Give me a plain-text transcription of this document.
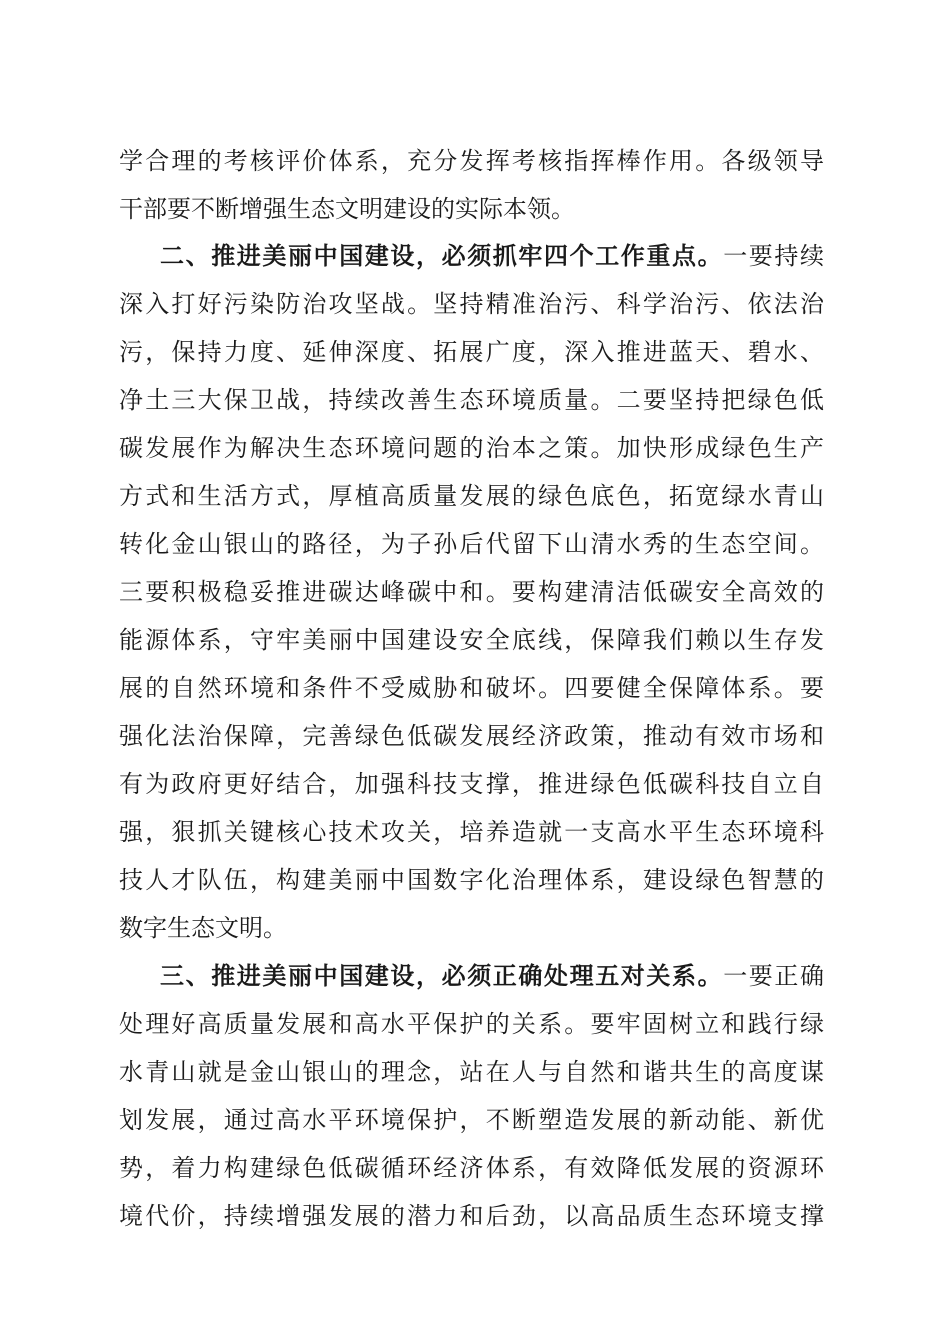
学合理的考核评价体系，充分发挥考核指挥棒作用。各级领导
干部要不断增强生态文明建设的实际本领。
二、推进美丽中国建设，必须抓牢四个工作重点。一要持续
深入打好污染防治攻坚战。坚持精准治污、科学治污、依法治
污，保持力度、延伸深度、拓展广度，深入推进蓝天、碧水、
净土三大保卫战，持续改善生态环境质量。二要坚持把绿色低
碳发展作为解决生态环境问题的治本之策。加快形成绿色生产
方式和生活方式，厚植高质量发展的绿色底色，拓宽绿水青山
转化金山银山的路径，为子孙后代留下山清水秀的生态空间。
三要积极稳妥推进碳达峰碳中和。要构建清洁低碳安全高效的
能源体系，守牢美丽中国建设安全底线，保障我们赖以生存发
展的自然环境和条件不受威胁和破坏。四要健全保障体系。要
强化法治保障，完善绿色低碳发展经济政策，推动有效市场和
有为政府更好结合，加强科技支撑，推进绿色低碳科技自立自
强，狠抓关键核心技术攻关，培养造就一支高水平生态环境科
技人才队伍，构建美丽中国数字化治理体系，建设绿色智慧的
数字生态文明。
三、推进美丽中国建设，必须正确处理五对关系。一要正确
处理好高质量发展和高水平保护的关系。要牢固树立和践行绿
水青山就是金山银山的理念，站在人与自然和谐共生的高度谋
划发展，通过高水平环境保护，不断塑造发展的新动能、新优
势，着力构建绿色低碳循环经济体系，有效降低发展的资源环
境代价，持续增强发展的潜力和后劲，以高品质生态环境支撑
